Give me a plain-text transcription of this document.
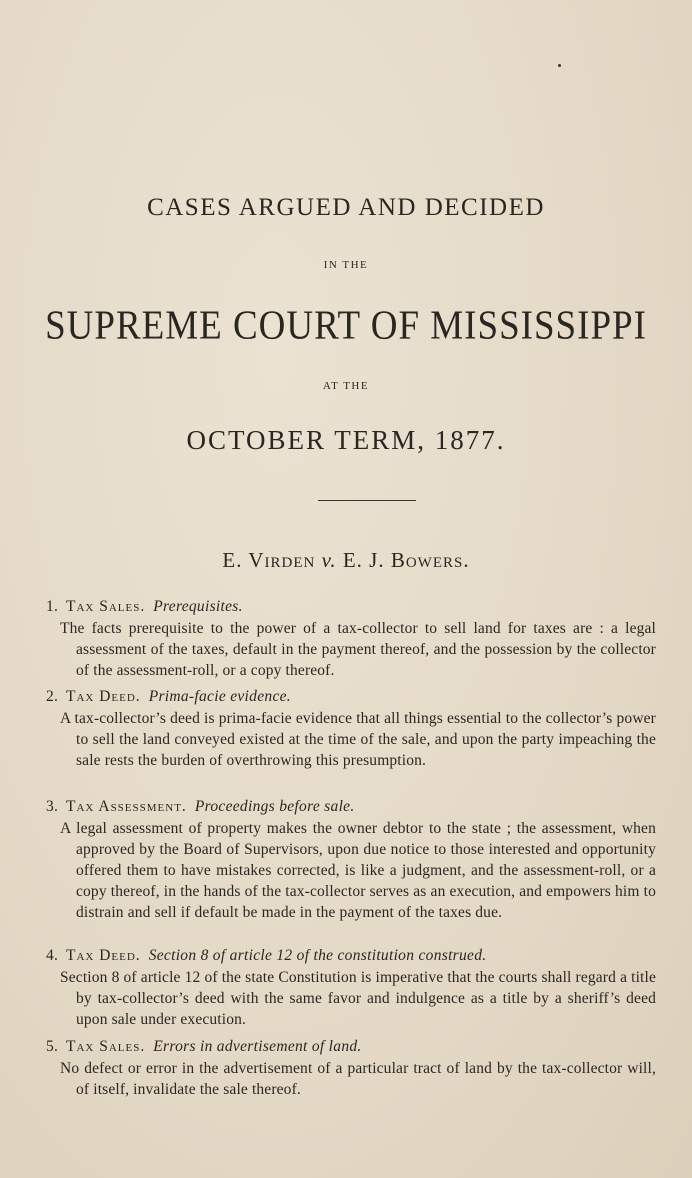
CASES ARGUED AND DECIDED
IN THE
SUPREME COURT OF MISSISSIPPI
AT THE
OCTOBER TERM, 1877.
E. Virden v. E. J. Bowers.
1. Tax Sales. Prerequisites.
The facts prerequisite to the power of a tax-collector to sell land for taxes are : a legal assessment of the taxes, default in the payment thereof, and the possession by the collector of the assessment-roll, or a copy thereof.
2. Tax Deed. Prima-facie evidence.
A tax-collector’s deed is prima-facie evidence that all things essential to the collector’s power to sell the land conveyed existed at the time of the sale, and upon the party impeaching the sale rests the burden of overthrowing this presumption.
3. Tax Assessment. Proceedings before sale.
A legal assessment of property makes the owner debtor to the state ; the assessment, when approved by the Board of Supervisors, upon due notice to those interested and opportunity offered them to have mistakes corrected, is like a judgment, and the assessment-roll, or a copy thereof, in the hands of the tax-collector serves as an execution, and empowers him to distrain and sell if default be made in the payment of the taxes due.
4. Tax Deed. Section 8 of article 12 of the constitution construed.
Section 8 of article 12 of the state Constitution is imperative that the courts shall regard a title by tax-collector’s deed with the same favor and indulgence as a title by a sheriff’s deed upon sale under execution.
5. Tax Sales. Errors in advertisement of land.
No defect or error in the advertisement of a particular tract of land by the tax-collector will, of itself, invalidate the sale thereof.
